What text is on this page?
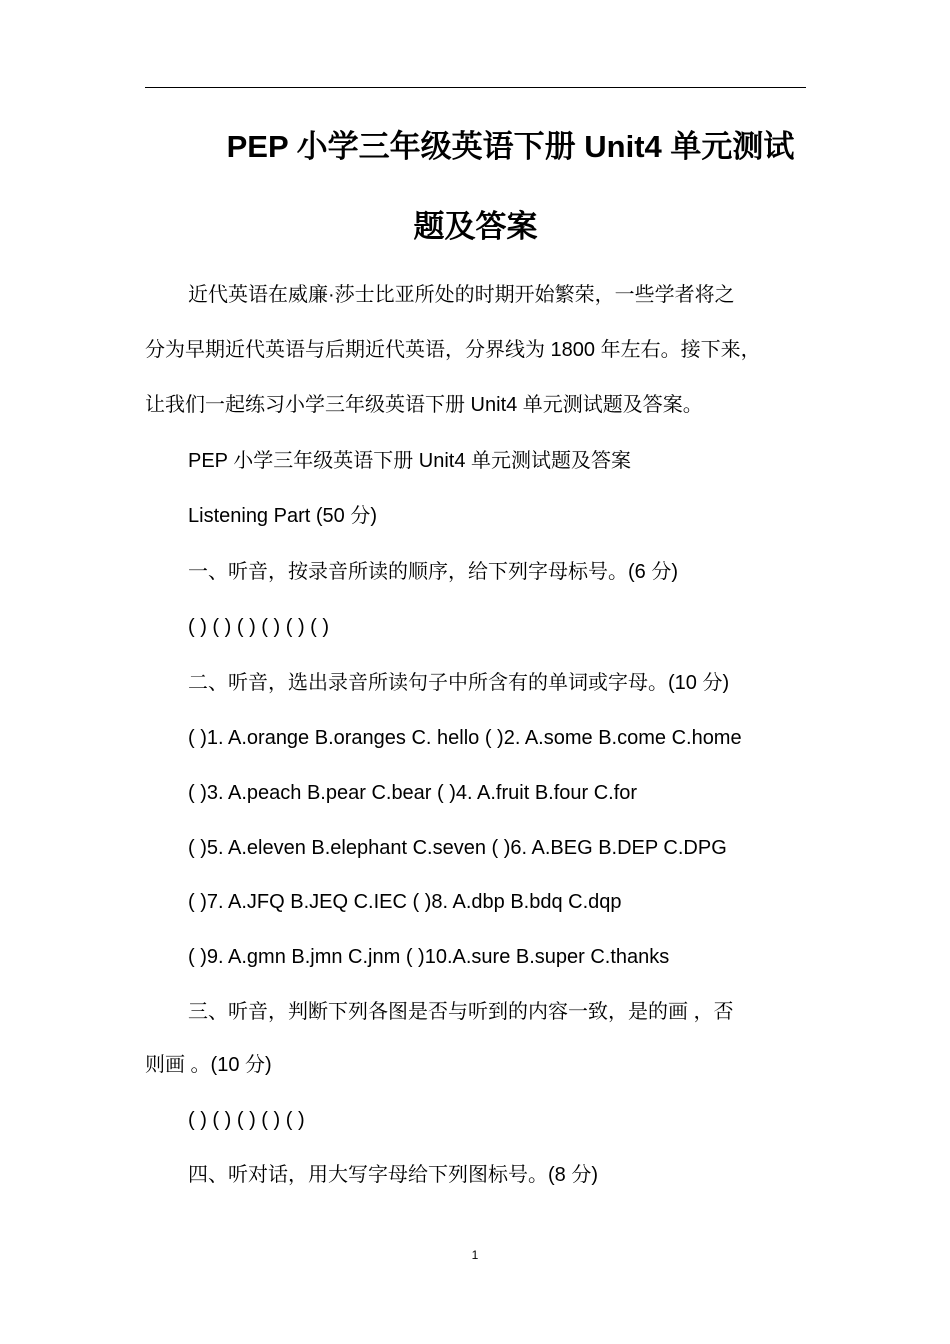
PEP 小学三年级英语下册 Unit4 单元测试
题及答案
近代英语在威廉·莎士比亚所处的时期开始繁荣，一些学者将之
分为早期近代英语与后期近代英语，分界线为 1800 年左右。接下来，
让我们一起练习小学三年级英语下册 Unit4 单元测试题及答案。
PEP 小学三年级英语下册 Unit4 单元测试题及答案
Listening Part (50 分)
一、听音，按录音所读的顺序，给下列字母标号。(6 分)
( ) ( ) ( ) ( ) ( ) ( )
二、听音，选出录音所读句子中所含有的单词或字母。(10 分)
( )1. A.orange B.oranges C. hello ( )2. A.some B.come C.home
( )3. A.peach B.pear C.bear ( )4. A.fruit B.four C.for
( )5. A.eleven B.elephant C.seven ( )6. A.BEG B.DEP C.DPG
( )7. A.JFQ B.JEQ C.IEC ( )8. A.dbp B.bdq C.dqp
( )9. A.gmn B.jmn C.jnm ( )10.A.sure B.super C.thanks
三、听音，判断下列各图是否与听到的内容一致，是的画 ，否
则画 。(10 分)
( ) ( ) ( ) ( ) ( )
四、听对话，用大写字母给下列图标号。(8 分)
1
